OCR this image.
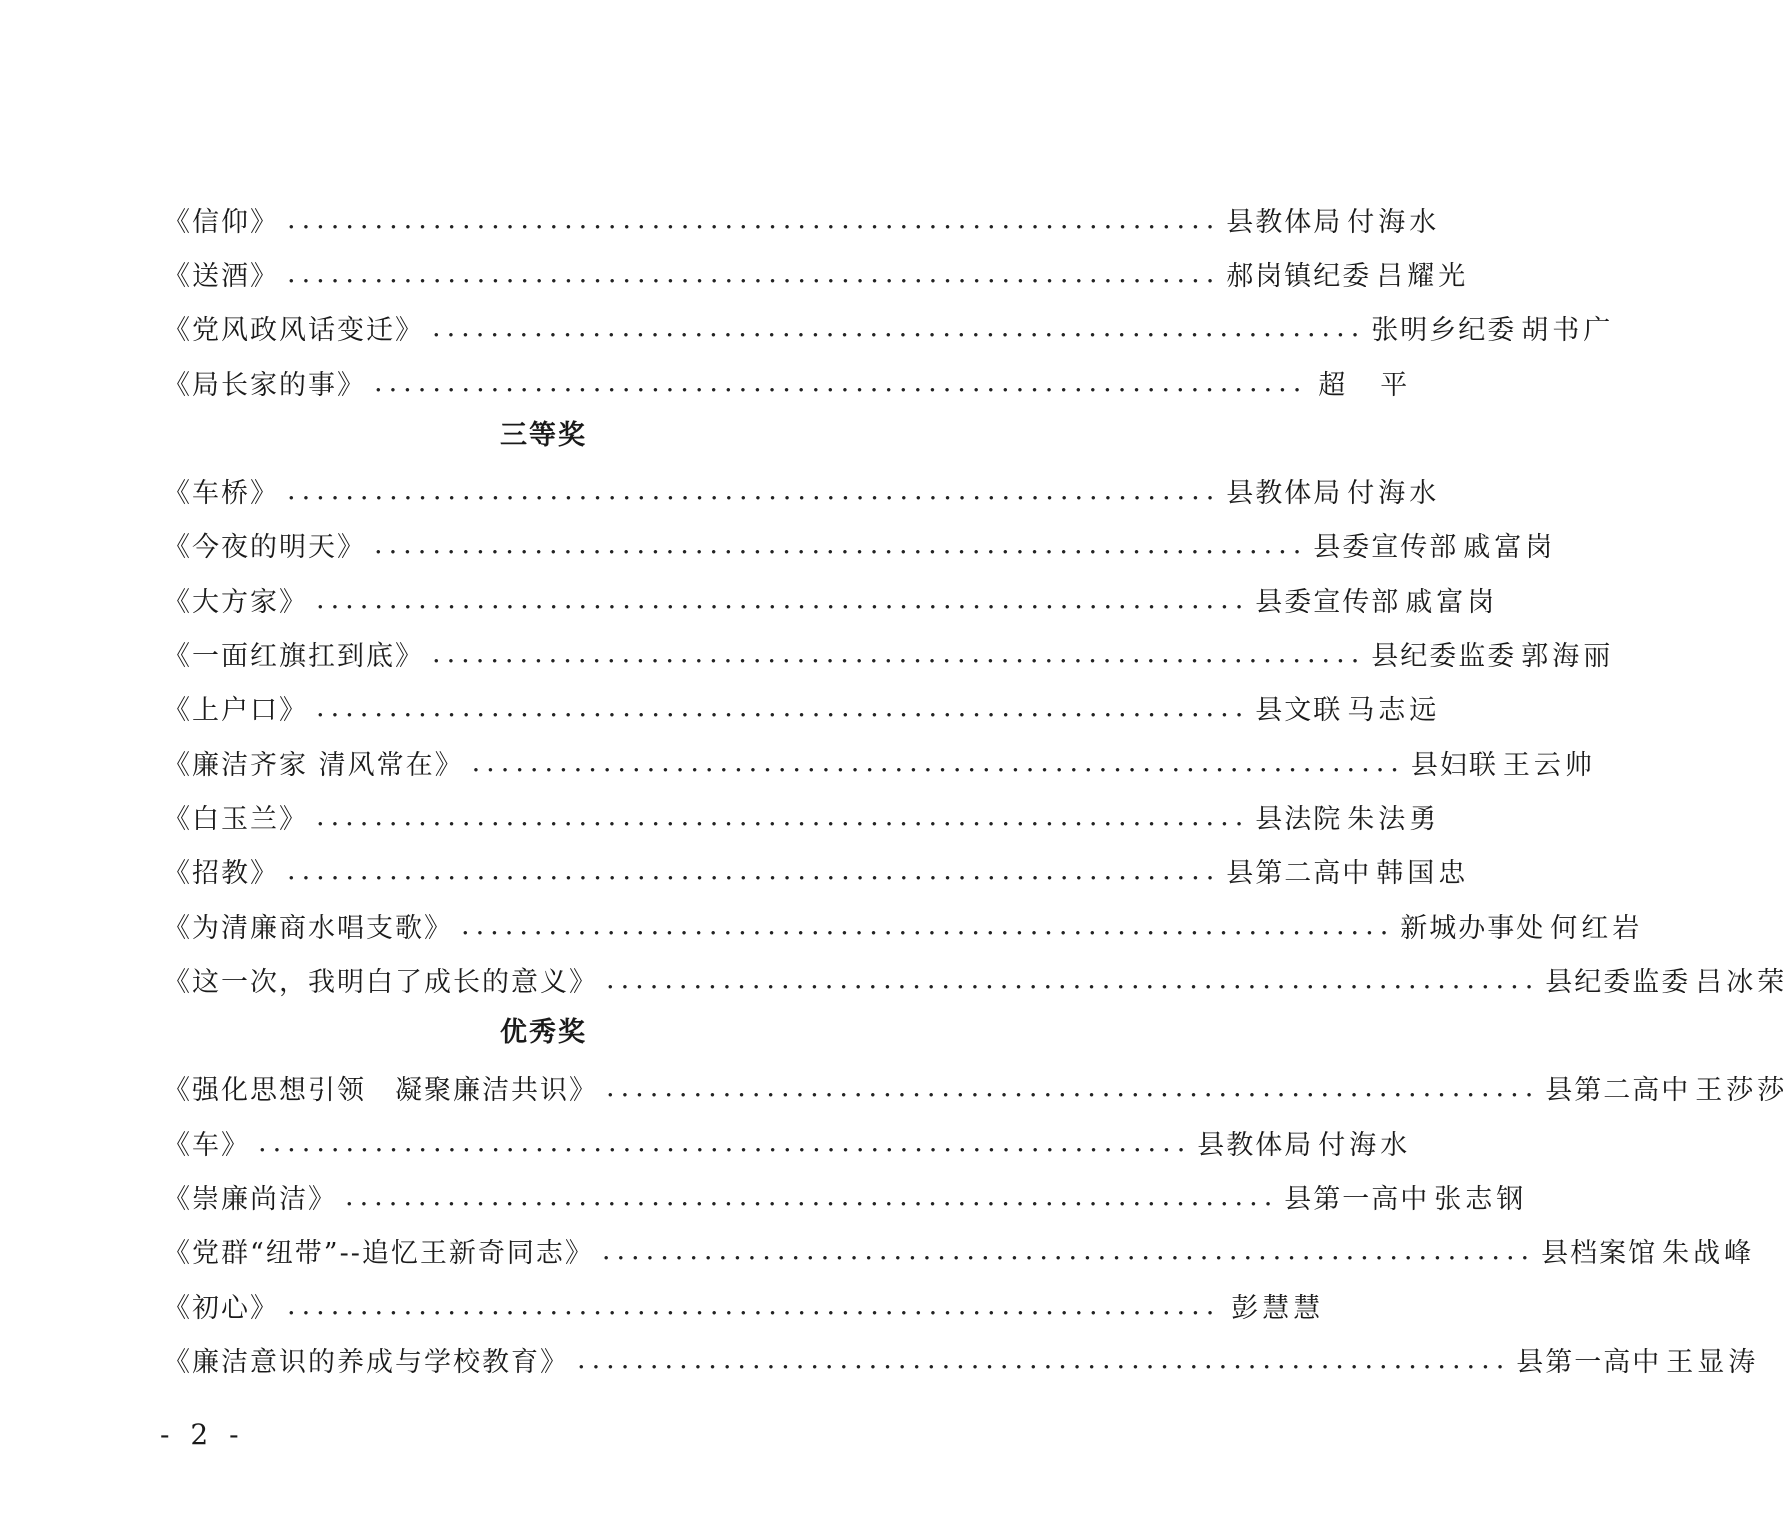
《信仰》 ................................................................ 县教体局 付海水
《送酒》 ................................................................ 郝岗镇纪委 吕耀光
《党风政风话变迁》 ................................................................ 张明乡纪委 胡书广
《局长家的事》 ................................................................ 超　平
三等奖
《车桥》 ................................................................ 县教体局 付海水
《今夜的明天》 ................................................................ 县委宣传部 戚富岗
《大方家》 ................................................................ 县委宣传部 戚富岗
《一面红旗扛到底》 ................................................................ 县纪委监委 郭海丽
《上户口》 ................................................................ 县文联 马志远
《廉洁齐家 清风常在》 ................................................................ 县妇联 王云帅
《白玉兰》 ................................................................ 县法院 朱法勇
《招教》 ................................................................ 县第二高中 韩国忠
《为清廉商水唱支歌》 ................................................................ 新城办事处 何红岩
《这一次，我明白了成长的意义》 ................................................................ 县纪委监委 吕冰荣
优秀奖
《强化思想引领　凝聚廉洁共识》 ................................................................ 县第二高中 王莎莎
《车》 ................................................................ 县教体局 付海水
《崇廉尚洁》 ................................................................ 县第一高中 张志钢
《党群“纽带”--追忆王新奇同志》 ................................................................ 县档案馆 朱战峰
《初心》 ................................................................ 彭慧慧
《廉洁意识的养成与学校教育》 ................................................................ 县第一高中 王显涛
- 2 -
